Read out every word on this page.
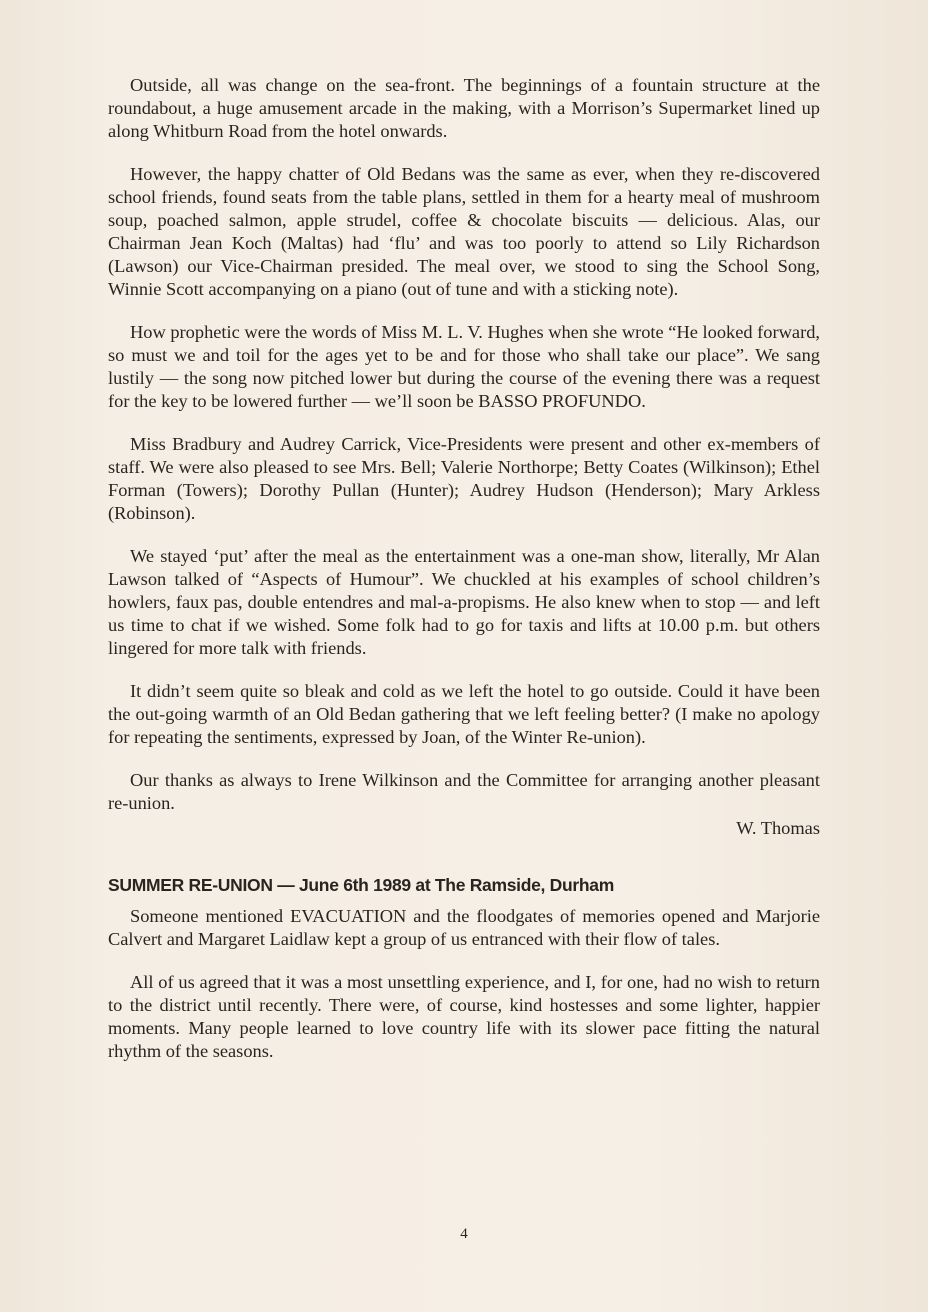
Outside, all was change on the sea-front. The beginnings of a fountain structure at the roundabout, a huge amusement arcade in the making, with a Morrison’s Supermarket lined up along Whitburn Road from the hotel onwards.

However, the happy chatter of Old Bedans was the same as ever, when they re-discovered school friends, found seats from the table plans, settled in them for a hearty meal of mushroom soup, poached salmon, apple strudel, coffee & chocolate biscuits — delicious. Alas, our Chairman Jean Koch (Maltas) had ‘flu’ and was too poorly to attend so Lily Richardson (Lawson) our Vice-Chairman presided. The meal over, we stood to sing the School Song, Winnie Scott accompanying on a piano (out of tune and with a sticking note).

How prophetic were the words of Miss M. L. V. Hughes when she wrote “He looked forward, so must we and toil for the ages yet to be and for those who shall take our place”. We sang lustily — the song now pitched lower but during the course of the evening there was a request for the key to be lowered further — we’ll soon be BASSO PROFUNDO.

Miss Bradbury and Audrey Carrick, Vice-Presidents were present and other ex-members of staff. We were also pleased to see Mrs. Bell; Valerie Northorpe; Betty Coates (Wilkinson); Ethel Forman (Towers); Dorothy Pullan (Hunter); Audrey Hudson (Henderson); Mary Arkless (Robinson).

We stayed ‘put’ after the meal as the entertainment was a one-man show, literally, Mr Alan Lawson talked of “Aspects of Humour”. We chuckled at his examples of school children’s howlers, faux pas, double entendres and mal-a-propisms. He also knew when to stop — and left us time to chat if we wished. Some folk had to go for taxis and lifts at 10.00 p.m. but others lingered for more talk with friends.

It didn’t seem quite so bleak and cold as we left the hotel to go outside. Could it have been the out-going warmth of an Old Bedan gathering that we left feeling better? (I make no apology for repeating the sentiments, expressed by Joan, of the Winter Re-union).

Our thanks as always to Irene Wilkinson and the Committee for arranging another pleasant re-union.

W. Thomas

SUMMER RE-UNION — June 6th 1989 at The Ramside, Durham

Someone mentioned EVACUATION and the floodgates of memories opened and Marjorie Calvert and Margaret Laidlaw kept a group of us entranced with their flow of tales.

All of us agreed that it was a most unsettling experience, and I, for one, had no wish to return to the district until recently. There were, of course, kind hostesses and some lighter, happier moments. Many people learned to love country life with its slower pace fitting the natural rhythm of the seasons.

4
